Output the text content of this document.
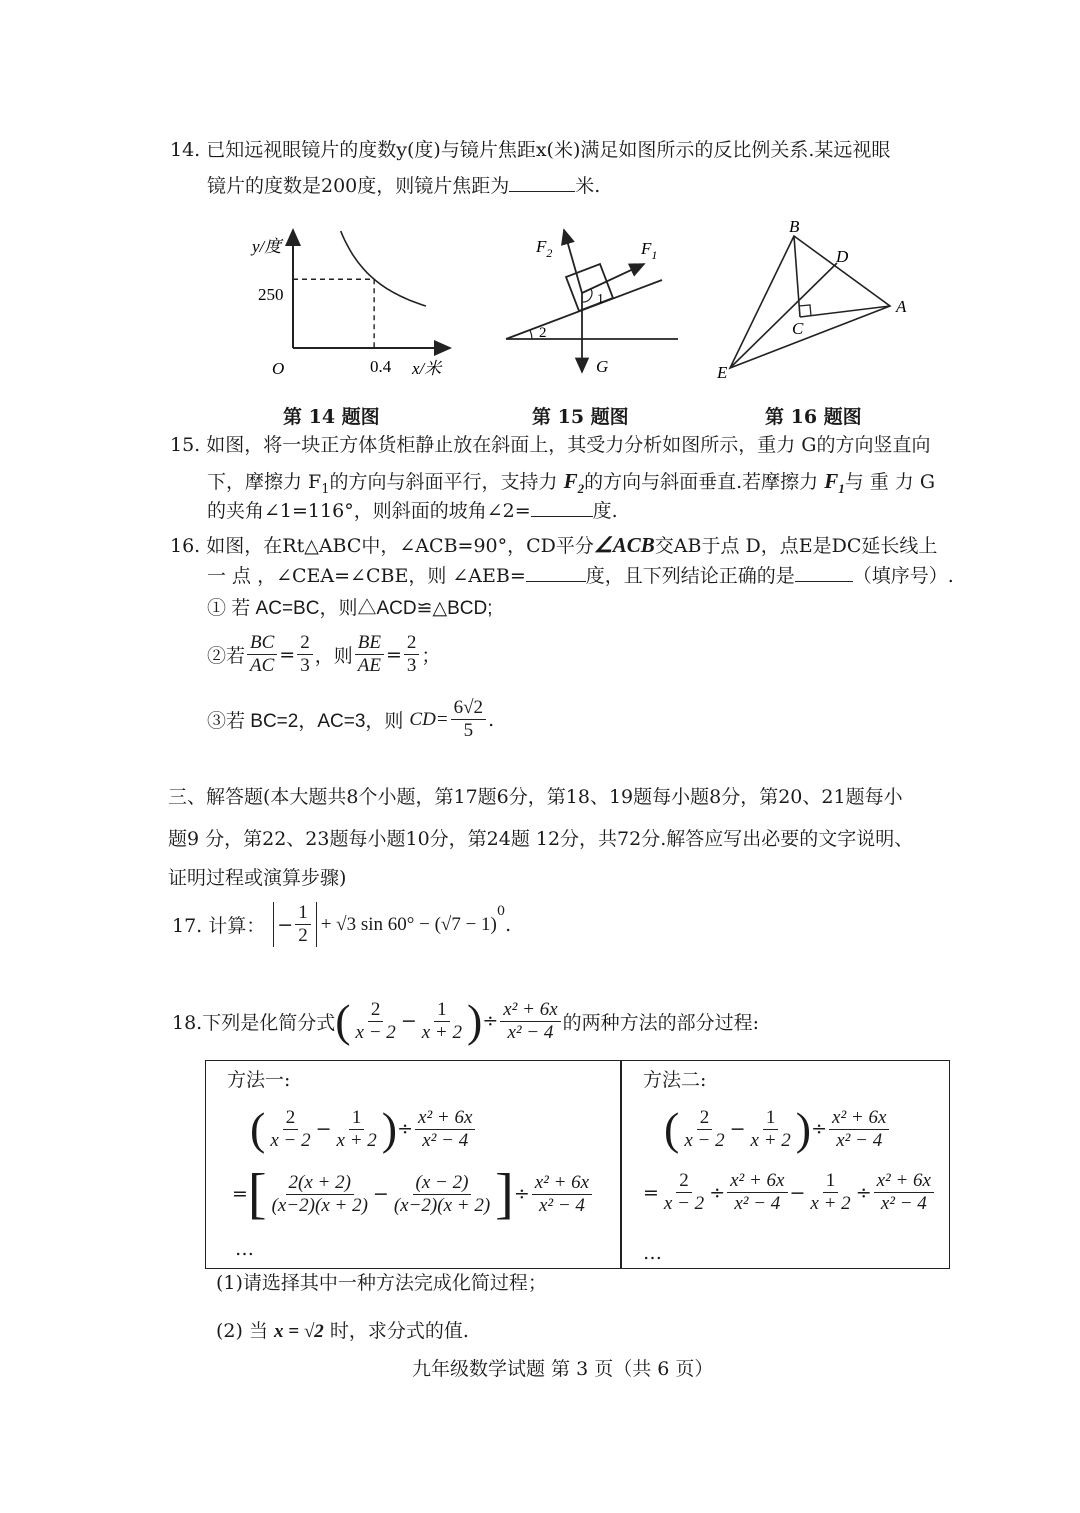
14. 已知远视眼镜片的度数y(度)与镜片焦距x(米)满足如图所示的反比例关系.某远视眼
镜片的度数是200度，则镜片焦距为	米.
y/度
250
O	0.4 x/米
第 14 题图
$F_2$	$F_1$
G
1
2
第 15 题图
B
D
A
C
E
第 16 题图
15. 如图，将一块正方体货柜静止放在斜面上，其受力分析如图所示，重力 G的方向竖直向
下，摩擦力 $F_1$的方向与斜面平行，支持力 $F_2$的方向与斜面垂直.若摩擦力 $F_1$与 重 力 G
的夹角∠1=116°，则斜面的坡角∠2=	度.
16. 如图，在Rt△ABC中，∠ACB=90°，CD平分∠ACB交AB于点 D，点E是DC延长线上
一 点 ，∠CEA=∠CBE，则 ∠AEB=	度，且下列结论正确的是	（填序号）.
① 若 AC=BC，则△ACD≌△BCD;
②若 $\frac{BC}{AC} = \frac{2}{3}$ ，则 $\frac{BE}{AE} = \frac{2}{3}$ ；
③若 BC=2，AC=3，则 $CD= \frac{6√2}{5}$ .
三、解答题(本大题共8个小题，第17题6分，第18、19题每小题8分，第20、21题每小
题9 分，第22、23题每小题10分，第24题 12分，共72分.解答应写出必要的文字说明、
证明过程或演算步骤)
17. 计算： − $\frac{1}{2} + √3$ sin 60° − (√7 − 1)
$^0$
.
18.下列是化简分式 ( $\frac{2}{x - 2} - \frac{1}{x + 2}$ ) ÷ $\frac{\text{x² + 6x}}{\text{x² − 4}}$ 的两种方法的部分过程:
方法一:
( $\frac{2}{x - 2} - \frac{1}{x + 2}$ ) ÷ $\frac{\text{x² + 6x}}{\text{x² − 4}}$
= [ $\frac{2(x + 2)}{(x-2)(x + 2)} - \frac{(x - 2)}{(x-2)(x + 2)}$ ] ÷ $\frac{\text{x² + 6x}}{\text{x² − 4}}$
…
方法二:
( $\frac{2}{x - 2} - \frac{1}{x + 2}$ ) ÷ $\frac{\text{x² + 6x}}{\text{x² − 4}}$
= $\frac{2}{x - 2} \div \frac{\text{x² + 6x}}{\text{x² − 4}} - \frac{1}{x + 2} \div \frac{\text{x² + 6x}}{\text{x² − 4}}$
…
(1)请选择其中一种方法完成化简过程；
(2) 当 x = √2 时，求分式的值.
九年级数学试题 第 3 页（共 6 页）
